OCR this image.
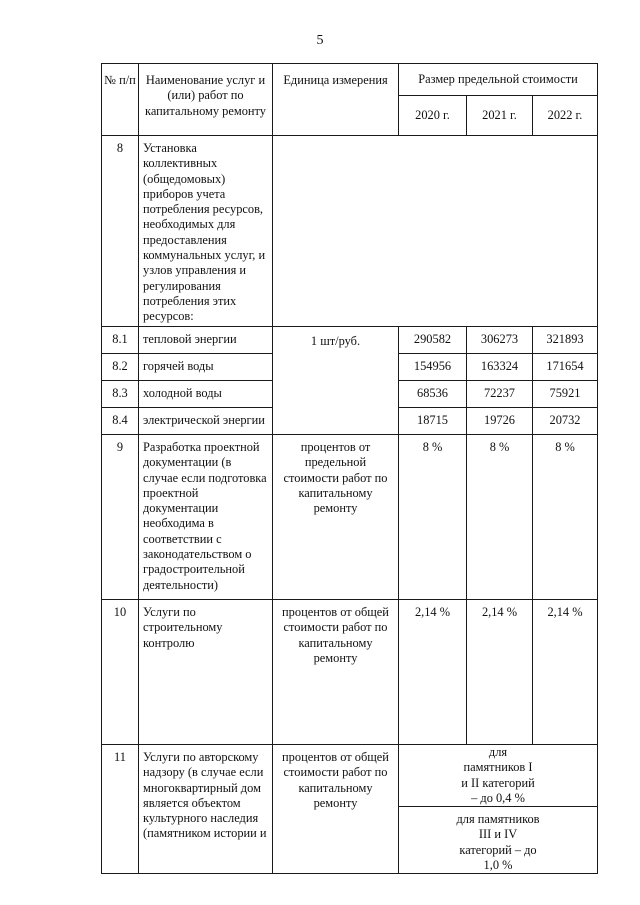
5
№ п/п	Наименование услуг и (или) работ по капитальному ремонту	Единица измерения	Размер предельной стоимости		
			2020 г.	2021 г.	2022 г.
8	Установка коллективных (общедомовых) приборов учета потребления ресурсов, необходимых для предоставления коммунальных услуг, и узлов управления и регулирования потребления этих ресурсов:				
8.1	тепловой энергии	1 шт/руб.	290582	306273	321893
8.2	горячей воды		154956	163324	171654
8.3	холодной воды		68536	72237	75921
8.4	электрической энергии		18715	19726	20732
9	Разработка проектной документации (в случае если подготовка проектной документации необходима в соответствии с законодательством о градостроительной деятельности)	процентов от предельной стоимости работ по капитальному ремонту	8 %	8 %	8 %
10	Услуги по строительному контролю	процентов от общей стоимости работ по капитальному ремонту	2,14 %	2,14 %	2,14 %
11	Услуги по авторскому надзору (в случае если многоквартирный дом является объектом культурного наследия (памятником истории и	процентов от общей стоимости работ по капитальному ремонту	для памятников I и II категорий – до 0,4 %		
			для памятников III и IV категорий – до 1,0 %		
